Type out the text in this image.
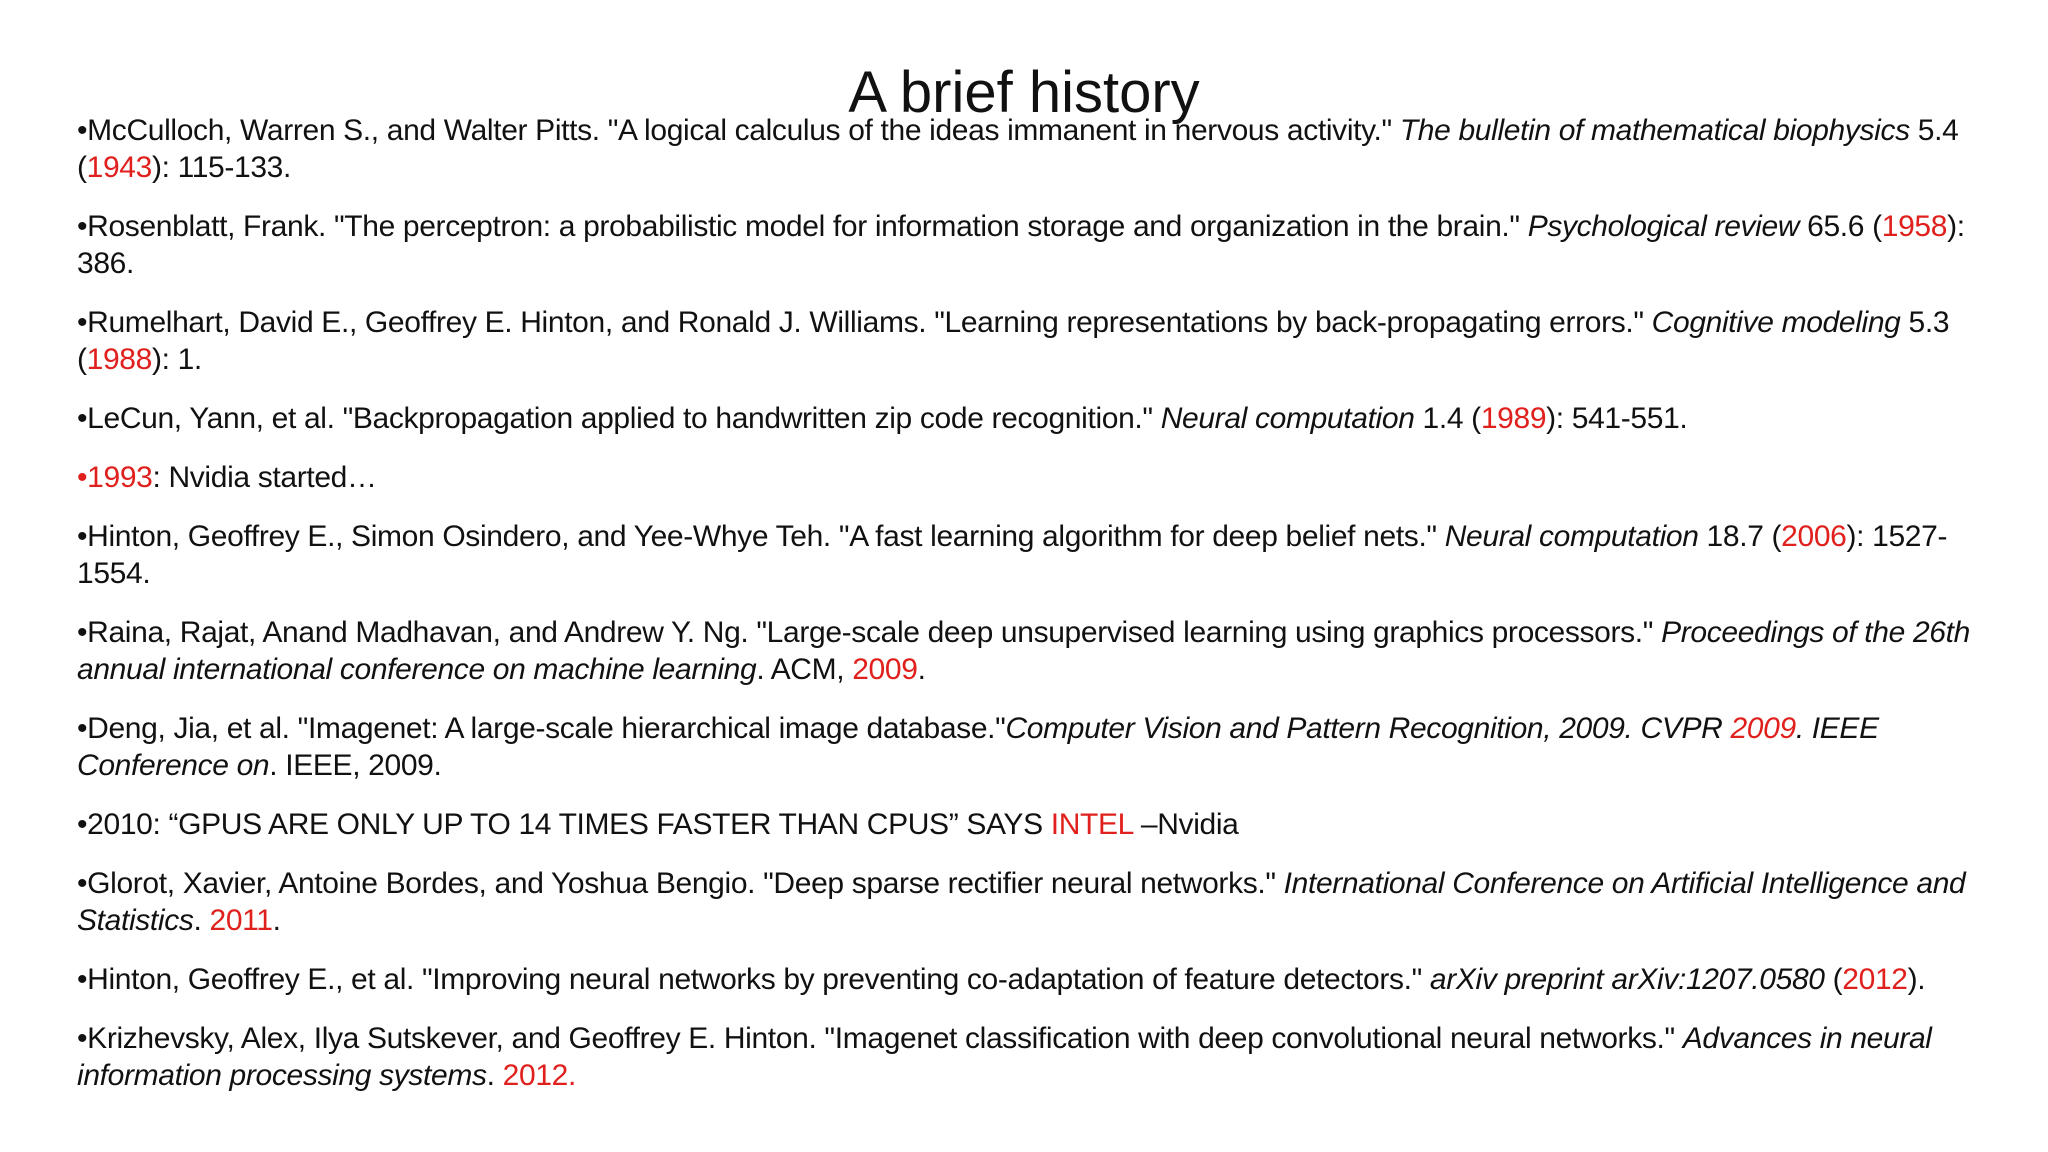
A brief history
•McCulloch, Warren S., and Walter Pitts. "A logical calculus of the ideas immanent in nervous activity." The bulletin of mathematical biophysics 5.4 (1943): 115-133.
•Rosenblatt, Frank. "The perceptron: a probabilistic model for information storage and organization in the brain." Psychological review 65.6 (1958): 386.
•Rumelhart, David E., Geoffrey E. Hinton, and Ronald J. Williams. "Learning representations by back-propagating errors." Cognitive modeling 5.3 (1988): 1.
•LeCun, Yann, et al. "Backpropagation applied to handwritten zip code recognition." Neural computation 1.4 (1989): 541-551.
•1993: Nvidia started…
•Hinton, Geoffrey E., Simon Osindero, and Yee-Whye Teh. "A fast learning algorithm for deep belief nets." Neural computation 18.7 (2006): 1527-1554.
•Raina, Rajat, Anand Madhavan, and Andrew Y. Ng. "Large-scale deep unsupervised learning using graphics processors." Proceedings of the 26th annual international conference on machine learning. ACM, 2009.
•Deng, Jia, et al. "Imagenet: A large-scale hierarchical image database."Computer Vision and Pattern Recognition, 2009. CVPR 2009. IEEE Conference on. IEEE, 2009.
•2010: “GPUS ARE ONLY UP TO 14 TIMES FASTER THAN CPUS” SAYS INTEL –Nvidia
•Glorot, Xavier, Antoine Bordes, and Yoshua Bengio. "Deep sparse rectifier neural networks." International Conference on Artificial Intelligence and Statistics. 2011.
•Hinton, Geoffrey E., et al. "Improving neural networks by preventing co-adaptation of feature detectors." arXiv preprint arXiv:1207.0580 (2012).
•Krizhevsky, Alex, Ilya Sutskever, and Geoffrey E. Hinton. "Imagenet classification with deep convolutional neural networks." Advances in neural information processing systems. 2012.
